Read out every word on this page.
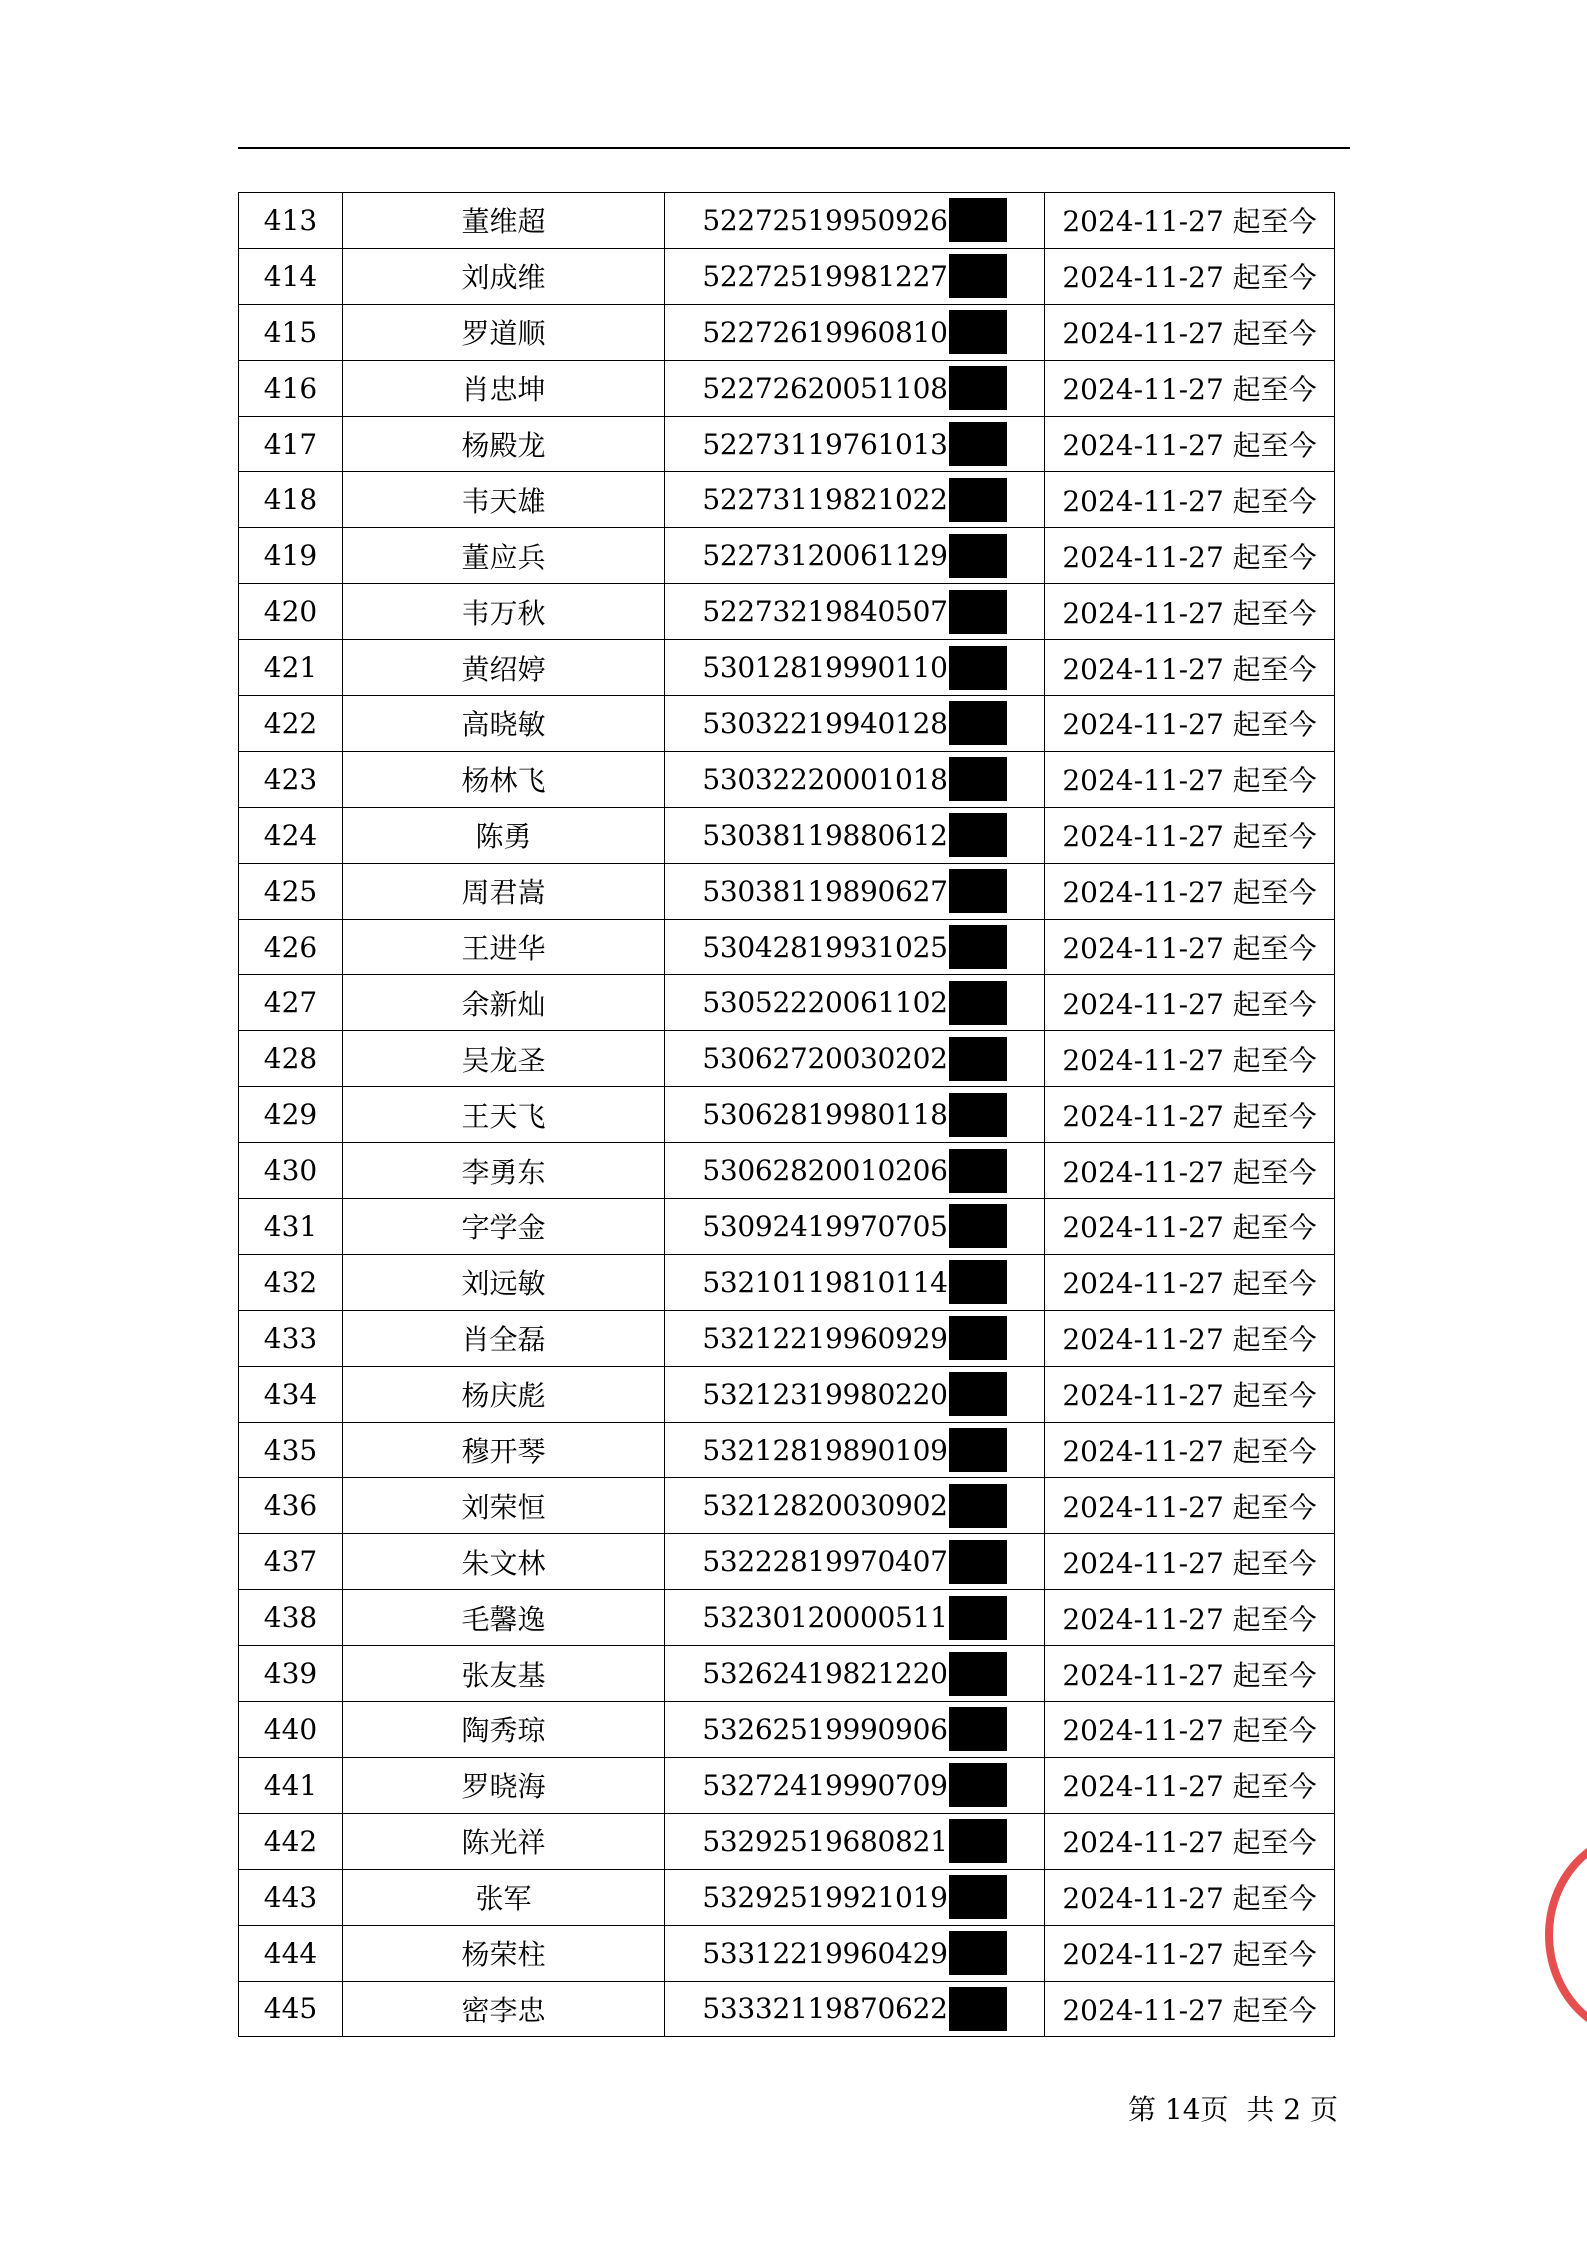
413	董维超	52272519950926	2024-11-27 起至今
414	刘成维	52272519981227	2024-11-27 起至今
415	罗道顺	52272619960810	2024-11-27 起至今
416	肖忠坤	52272620051108	2024-11-27 起至今
417	杨殿龙	52273119761013	2024-11-27 起至今
418	韦天雄	52273119821022	2024-11-27 起至今
419	董应兵	52273120061129	2024-11-27 起至今
420	韦万秋	52273219840507	2024-11-27 起至今
421	黄绍婷	53012819990110	2024-11-27 起至今
422	高晓敏	53032219940128	2024-11-27 起至今
423	杨林飞	53032220001018	2024-11-27 起至今
424	陈勇	53038119880612	2024-11-27 起至今
425	周君嵩	53038119890627	2024-11-27 起至今
426	王进华	53042819931025	2024-11-27 起至今
427	余新灿	53052220061102	2024-11-27 起至今
428	吴龙圣	53062720030202	2024-11-27 起至今
429	王天飞	53062819980118	2024-11-27 起至今
430	李勇东	53062820010206	2024-11-27 起至今
431	字学金	53092419970705	2024-11-27 起至今
432	刘远敏	53210119810114	2024-11-27 起至今
433	肖全磊	53212219960929	2024-11-27 起至今
434	杨庆彪	53212319980220	2024-11-27 起至今
435	穆开琴	53212819890109	2024-11-27 起至今
436	刘荣恒	53212820030902	2024-11-27 起至今
437	朱文林	53222819970407	2024-11-27 起至今
438	毛馨逸	53230120000511	2024-11-27 起至今
439	张友基	53262419821220	2024-11-27 起至今
440	陶秀琼	53262519990906	2024-11-27 起至今
441	罗晓海	53272419990709	2024-11-27 起至今
442	陈光祥	53292519680821	2024-11-27 起至今
443	张军	53292519921019	2024-11-27 起至今
444	杨荣柱	53312219960429	2024-11-27 起至今
445	密李忠	53332119870622	2024-11-27 起至今
第 14页 共 2 页
